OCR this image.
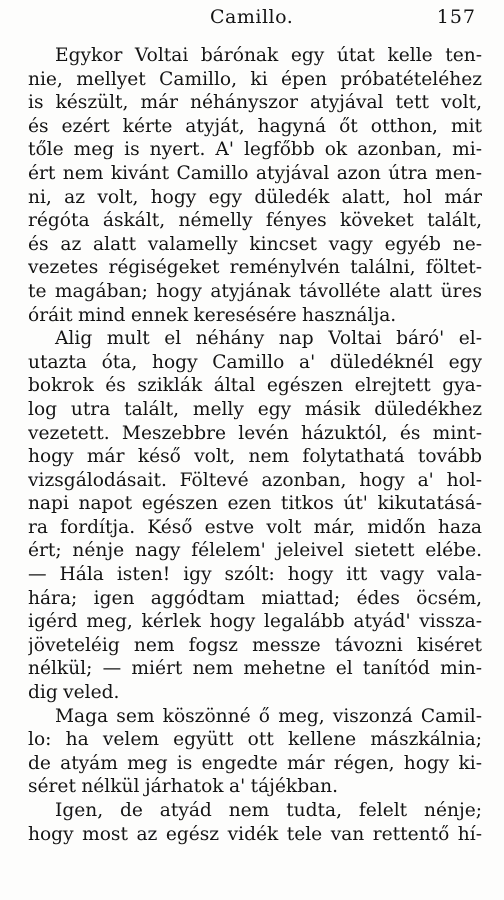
Camillo.	157
Egykor Voltai bárónak egy útat kelle ten-
nie, mellyet Camillo, ki épen próbatételéhez
is készült, már néhányszor atyjával tett volt,
és ezért kérte atyját, hagyná őt otthon, mit
tőle meg is nyert. A' legfőbb ok azonban, mi-
ért nem kivánt Camillo atyjával azon útra men-
ni, az volt, hogy egy düledék alatt, hol már
régóta áskált, némelly fényes köveket talált,
és az alatt valamelly kincset vagy egyéb ne-
vezetes régiségeket reménylvén találni, föltet-
te magában; hogy atyjának távolléte alatt üres
óráit mind ennek keresésére használja.
Alig mult el néhány nap Voltai báró' el-
utazta óta, hogy Camillo a' düledéknél egy
bokrok és sziklák által egészen elrejtett gya-
log utra talált, melly egy másik düledékhez
vezetett. Meszebbre levén házuktól, és mint-
hogy már késő volt, nem folytathatá tovább
vizsgálodásait. Föltevé azonban, hogy a' hol-
napi napot egészen ezen titkos út' kikutatásá-
ra fordítja. Késő estve volt már, midőn haza
ért; nénje nagy félelem' jeleivel sietett elébe.
— Hála isten! igy szólt: hogy itt vagy vala-
hára; igen aggódtam miattad; édes öcsém,
igérd meg, kérlek hogy legalább atyád' vissza-
jöveteléig nem fogsz messze távozni kiséret
nélkül; — miért nem mehetne el tanítód min-
dig veled.
Maga sem köszönné ő meg, viszonzá Camil-
lo: ha velem együtt ott kellene mászkálnia;
de atyám meg is engedte már régen, hogy ki-
séret nélkül járhatok a' tájékban.
Igen, de atyád nem tudta, felelt nénje;
hogy most az egész vidék tele van rettentő hí-
